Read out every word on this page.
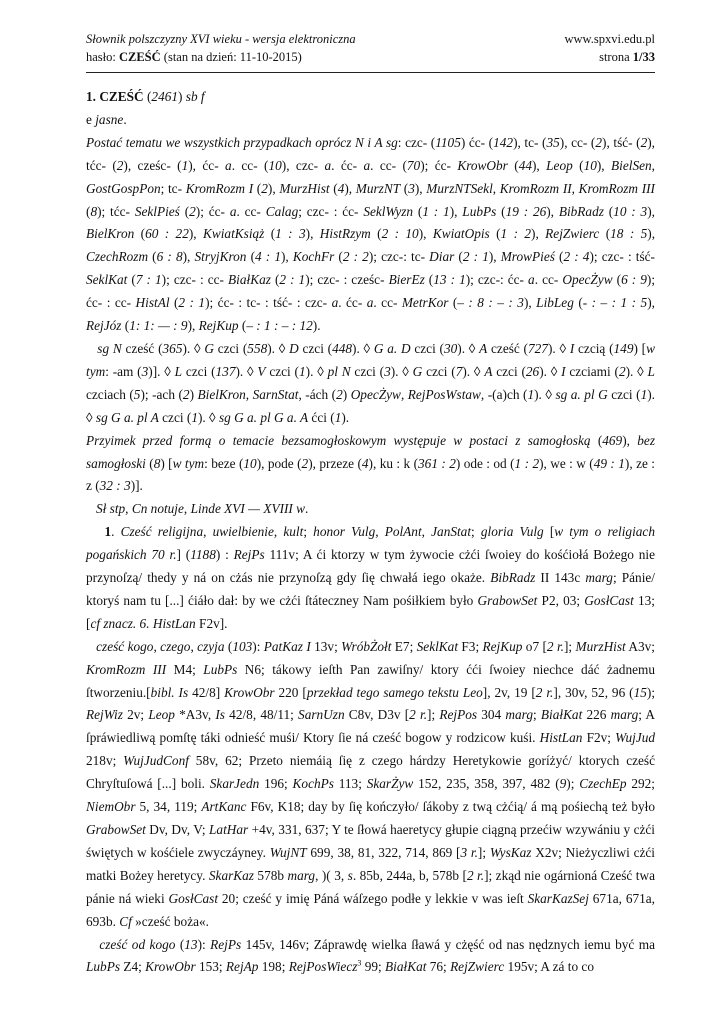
Słownik polszczyzny XVI wieku - wersja elektroniczna	www.spxvi.edu.pl
hasło: CZEŚĆ (stan na dzień: 11-10-2015)	strona 1/33

1. CZEŚĆ (2461) sb f

e jasne.

Postać tematu we wszystkich przypadkach oprócz N i A sg: czc- (1105) ćc- (142), tc- (35), cc- (2), tść- (2), tćc- (2), cześc- (1), ćc- a. cc- (10), czc- a. ćc- a. cc- (70); ćc- KrowObr (44), Leop (10), BielSen, GostGospPon; tc- KromRozm I (2), MurzHist (4), MurzNT (3), MurzNTSekl, KromRozm II, KromRozm III (8); tćc- SeklPieś (2); ćc- a. cc- Calag; czc- : ćc- SeklWyzn (1 : 1), LubPs (19 : 26), BibRadz (10 : 3), BielKron (60 : 22), KwiatKsiąż (1 : 3), HistRzym (2 : 10), KwiatOpis (1 : 2), RejZwierc (18 : 5), CzechRozm (6 : 8), StryjKron (4 : 1), KochFr (2 : 2); czc-: tc- Diar (2 : 1), MrowPieś (2 : 4); czc- : tść- SeklKat (7 : 1); czc- : cc- BiałKaz (2 : 1); czc- : cześc- BierEz (13 : 1); czc-: ćc- a. cc- OpecŻyw (6 : 9); ćc- : cc- HistAl (2 : 1); ćc- : tc- : tść- : czc- a. ćc- a. cc- MetrKor (– : 8 : – : 3), LibLeg (- : – : 1 : 5), RejJóz (1: 1: — : 9), RejKup (– : 1 : – : 12).

sg N cześć (365). ◊ G czci (558). ◊ D czci (448). ◊ G a. D czci (30). ◊ A cześć (727). ◊ I czcią (149) [w tym: -am (3)]. ◊ L czci (137). ◊ V czci (1). ◊ pl N czci (3). ◊ G czci (7). ◊ A czci (26). ◊ I czciami (2). ◊ L czciach (5); -ach (2) BielKron, SarnStat, -ách (2) OpecŻyw, RejPosWstaw, -(a)ch (1). ◊ sg a. pl G czci (1). ◊ sg G a. pl A czci (1). ◊ sg G a. pl G a. A ćci (1).

Przyimek przed formą o temacie bezsamogłoskowym występuje w postaci z samogłoską (469), bez samogłoski (8) [w tym: beze (10), pode (2), przeze (4), ku : k (361 : 2) ode : od (1 : 2), we : w (49 : 1), ze : z (32 : 3)].

Sł stp, Cn notuje, Linde XVI — XVIII w.

1. Cześć religijna, uwielbienie, kult; honor Vulg, PolAnt, JanStat; gloria Vulg [w tym o religiach pogańskich 70 r.] (1188) : RejPs 111v; A ći ktorzy w tym żywocie cżći ſwoiey do kośćiołá Bożego nie przynoſzą/ thedy y ná on cżás nie przynoſzą gdy ſię chwałá iego okaże. BibRadz II 143c marg; Pánie/ ktoryś nam tu [...] ćiáło dał: by we cżći ſtáteczney Nam pośiłkiem było GrabowSet P2, 03; GosłCast 13; [cf znacz. 6. HistLan F2v].

cześć kogo, czego, czyja (103): PatKaz I 13v; WróbŻołt E7; SeklKat F3; RejKup o7 [2 r.]; MurzHist A3v; KromRozm III M4; LubPs N6; tákowy ieſth Pan zawiſny/ ktory ćći ſwoiey niechce dáć żadnemu ſtworzeniu.[bibl. Is 42/8] KrowObr 220 [przekład tego samego tekstu Leo], 2v, 19 [2 r.], 30v, 52, 96 (15); RejWiz 2v; Leop *A3v, Is 42/8, 48/11; SarnUzn C8v, D3v [2 r.]; RejPos 304 marg; BiałKat 226 marg; A ſpráwiedliwą pomſtę táki odnieść muśi/ Ktory ſie ná cześć bogow y rodzicow kuśi. HistLan F2v; WujJud 218v; WujJudConf 58v, 62; Przeto niemáią ſię z czego hárdzy Heretykowie goríżyć/ ktorych cześć Chryſtuſowá [...] boli. SkarJedn 196; KochPs 113; SkarŻyw 152, 235, 358, 397, 482 (9); CzechEp 292; NiemObr 5, 34, 119; ArtKanc F6v, K18; day by ſię kończyło/ ſákoby z twą cżćią/ á mą pośiechą też było GrabowSet Dv, Dv, V; LatHar +4v, 331, 637; Y te ſłowá haeretycy głupie ciągną przećiw wzywániu y cżći świętych w kośćiele zwyczáyney. WujNT 699, 38, 81, 322, 714, 869 [3 r.]; WysKaz X2v; Nieżyczliwi cżći matki Bożey heretycy. SkarKaz 578b marg, )( 3, s. 85b, 244a, b, 578b [2 r.]; zkąd nie ogárnioná Cześć twa pánie ná wieki GosłCast 20; cześć y imię Páná wáſzego podłe y lekkie v was ieſt SkarKazSej 671a, 671a, 693b. Cf »cześć boża«.

cześć od kogo (13): RejPs 145v, 146v; Záprawdę wielka ſławá y cżęść od nas nędznych iemu być ma LubPs Z4; KrowObr 153; RejAp 198; RejPosWiecz$^3$ 99; BiałKat 76; RejZwierc 195v; A zá to co
